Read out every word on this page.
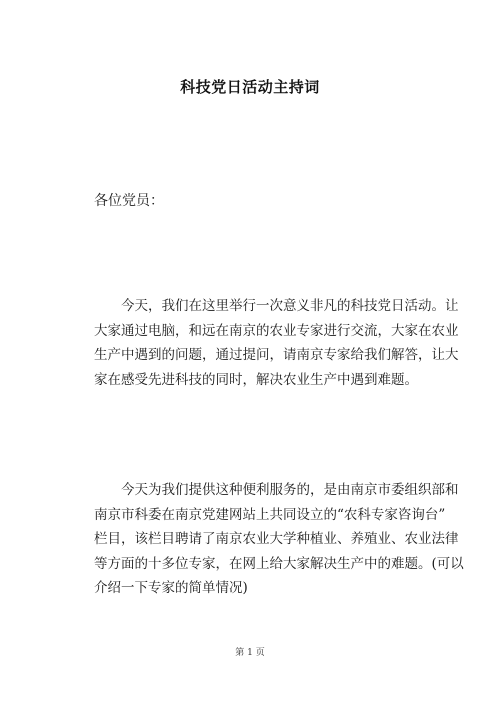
科技党日活动主持词
各位党员：
　　今天，我们在这里举行一次意义非凡的科技党日活动。让
大家通过电脑，和远在南京的农业专家进行交流，大家在农业
生产中遇到的问题，通过提问，请南京专家给我们解答，让大
家在感受先进科技的同时，解决农业生产中遇到难题。
　　今天为我们提供这种便利服务的，是由南京市委组织部和
南京市科委在南京党建网站上共同设立的“农科专家咨询台”
栏目，该栏目聘请了南京农业大学种植业、养殖业、农业法律
等方面的十多位专家，在网上给大家解决生产中的难题。(可以
介绍一下专家的简单情况)
第 1 页
